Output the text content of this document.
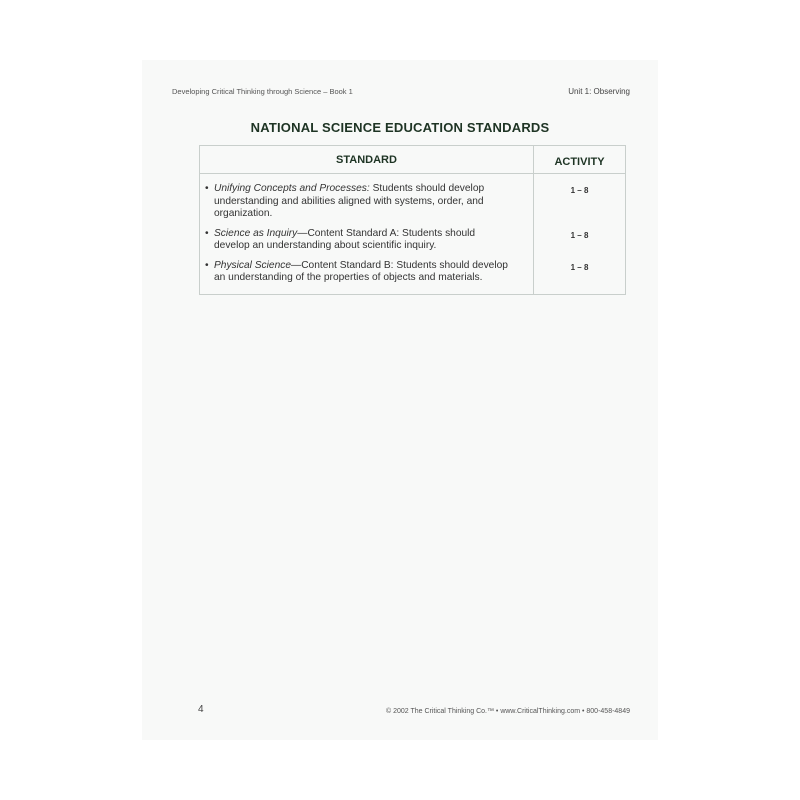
Developing Critical Thinking through Science – Book 1	Unit 1: Observing
NATIONAL SCIENCE EDUCATION STANDARDS
STANDARD	ACTIVITY

• Unifying Concepts and Processes: Students should develop understanding and abilities aligned with systems, order, and organization.	1 – 8

• Science as Inquiry—Content Standard A: Students should develop an understanding about scientific inquiry.	1 – 8

• Physical Science—Content Standard B: Students should develop an understanding of the properties of objects and materials.	1 – 8
4	© 2002 The Critical Thinking Co.™ • www.CriticalThinking.com • 800-458-4849
